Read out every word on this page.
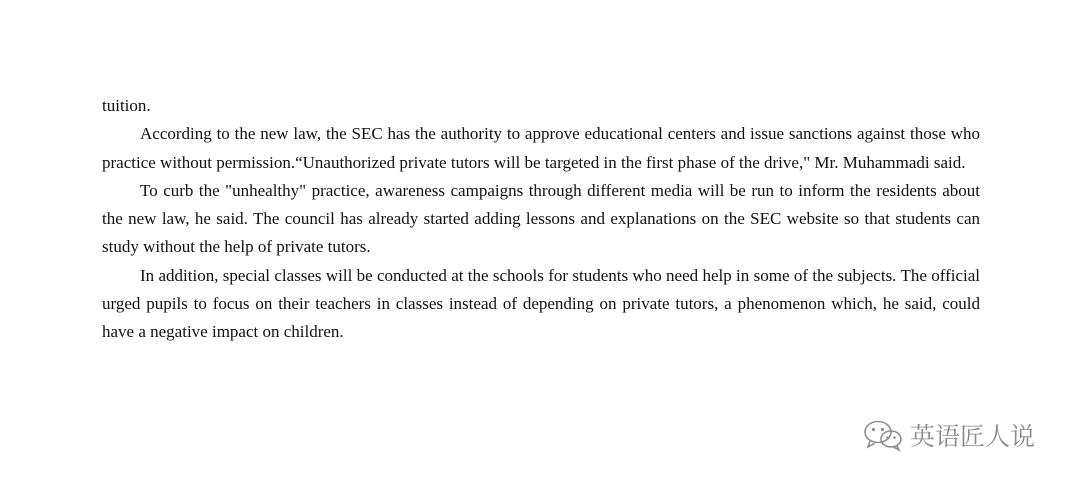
tuition.

According to the new law, the SEC has the authority to approve educational centers and issue sanctions against those who practice without permission.“Unauthorized private tutors will be targeted in the first phase of the drive," Mr. Muhammadi said.

To curb the "unhealthy" practice, awareness campaigns through different media will be run to inform the residents about the new law, he said. The council has already started adding lessons and explanations on the SEC website so that students can study without the help of private tutors.

In addition, special classes will be conducted at the schools for students who need help in some of the subjects. The official urged pupils to focus on their teachers in classes instead of depending on private tutors, a phenomenon which, he said, could have a negative impact on children.

英语匠人说
